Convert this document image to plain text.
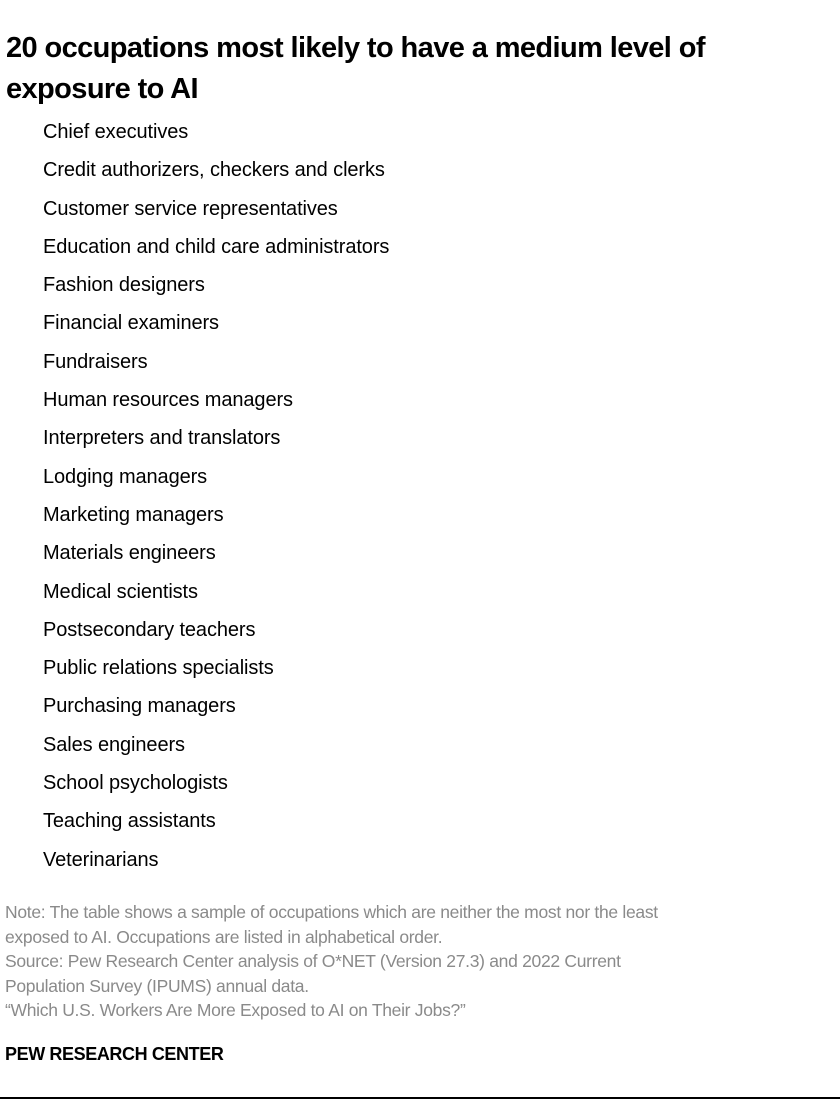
20 occupations most likely to have a medium level of exposure to AI
Chief executives
Credit authorizers, checkers and clerks
Customer service representatives
Education and child care administrators
Fashion designers
Financial examiners
Fundraisers
Human resources managers
Interpreters and translators
Lodging managers
Marketing managers
Materials engineers
Medical scientists
Postsecondary teachers
Public relations specialists
Purchasing managers
Sales engineers
School psychologists
Teaching assistants
Veterinarians
Note: The table shows a sample of occupations which are neither the most nor the least
exposed to AI. Occupations are listed in alphabetical order.
Source: Pew Research Center analysis of O*NET (Version 27.3) and 2022 Current
Population Survey (IPUMS) annual data.
“Which U.S. Workers Are More Exposed to AI on Their Jobs?”
PEW RESEARCH CENTER
